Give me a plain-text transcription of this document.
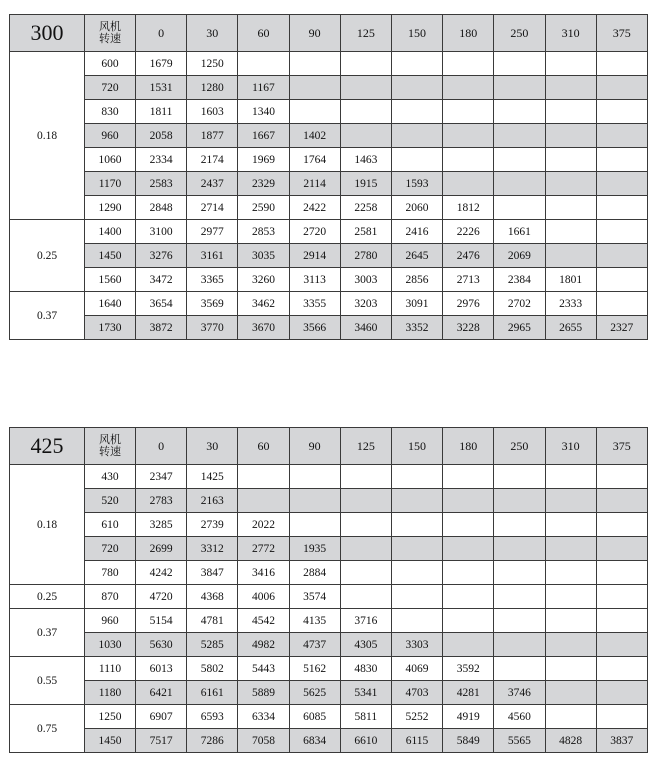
300	风机
转速	0	30	60	90	125	150	180	250	310	375
0.18	600	1679	1250								
	720	1531	1280	1167							
	830	1811	1603	1340							
	960	2058	1877	1667	1402						
	1060	2334	2174	1969	1764	1463					
	1170	2583	2437	2329	2114	1915	1593				
	1290	2848	2714	2590	2422	2258	2060	1812			
0.25	1400	3100	2977	2853	2720	2581	2416	2226	1661		
	1450	3276	3161	3035	2914	2780	2645	2476	2069		
	1560	3472	3365	3260	3113	3003	2856	2713	2384	1801	
0.37	1640	3654	3569	3462	3355	3203	3091	2976	2702	2333	
	1730	3872	3770	3670	3566	3460	3352	3228	2965	2655	2327
425	风机
转速	0	30	60	90	125	150	180	250	310	375
0.18	430	2347	1425								
	520	2783	2163								
	610	3285	2739	2022							
	720	2699	3312	2772	1935						
	780	4242	3847	3416	2884						
0.25	870	4720	4368	4006	3574						
0.37	960	5154	4781	4542	4135	3716					
	1030	5630	5285	4982	4737	4305	3303				
0.55	1110	6013	5802	5443	5162	4830	4069	3592			
	1180	6421	6161	5889	5625	5341	4703	4281	3746		
0.75	1250	6907	6593	6334	6085	5811	5252	4919	4560		
	1450	7517	7286	7058	6834	6610	6115	5849	5565	4828	3837
